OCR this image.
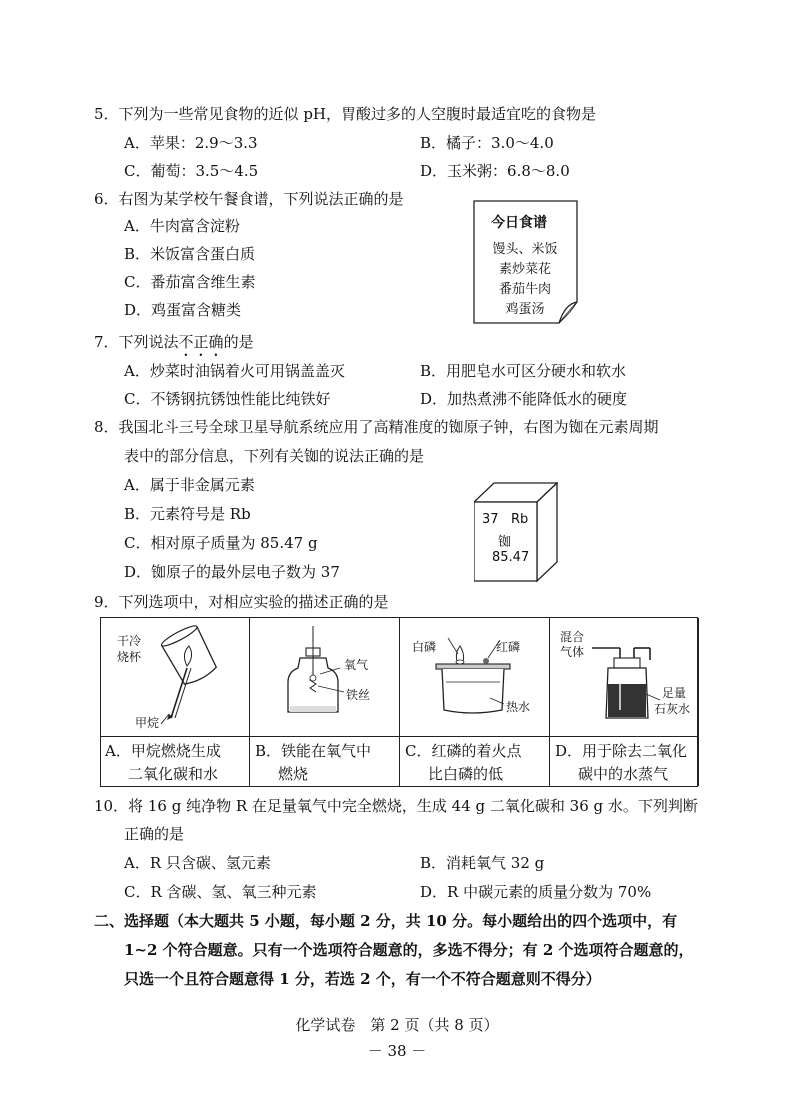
5．下列为一些常见食物的近似 pH，胃酸过多的人空腹时最适宜吃的食物是
A．苹果：2.9～3.3	B．橘子：3.0～4.0
C．葡萄：3.5～4.5	D．玉米粥：6.8～8.0
6．右图为某学校午餐食谱，下列说法正确的是
A．牛肉富含淀粉
B．米饭富含蛋白质
C．番茄富含维生素
D．鸡蛋富含糖类
今日食谱
馒头、米饭
素炒菜花
番茄牛肉
鸡蛋汤
7．下列说法不正确的是
A．炒菜时油锅着火可用锅盖盖灭	B．用肥皂水可区分硬水和软水
C．不锈钢抗锈蚀性能比纯铁好	D．加热煮沸不能降低水的硬度
8．我国北斗三号全球卫星导航系统应用了高精准度的铷原子钟，右图为铷在元素周期
表中的部分信息，下列有关铷的说法正确的是
A．属于非金属元素
B．元素符号是 Rb
C．相对原子质量为 85.47 g
D．铷原子的最外层电子数为 37
37 Rb
铷
85.47
9．下列选项中，对相应实验的描述正确的是
干冷
烧杯
甲烷
氧气
铁丝
白磷	红磷
热水
混合
气体
足量
石灰水
A．甲烷燃烧生成
二氧化碳和水
B．铁能在氧气中
燃烧
C．红磷的着火点
比白磷的低
D．用于除去二氧化
碳中的水蒸气
10．将 16 g 纯净物 R 在足量氧气中完全燃烧，生成 44 g 二氧化碳和 36 g 水。下列判断
正确的是
A．R 只含碳、氢元素	B．消耗氧气 32 g
C．R 含碳、氢、氧三种元素	D．R 中碳元素的质量分数为 70%
二、选择题（本大题共 5 小题，每小题 2 分，共 10 分。每小题给出的四个选项中，有
1~2 个符合题意。只有一个选项符合题意的，多选不得分；有 2 个选项符合题意的，
只选一个且符合题意得 1 分，若选 2 个，有一个不符合题意则不得分）
化学试卷　第 2 页（共 8 页）
－ 38 －
